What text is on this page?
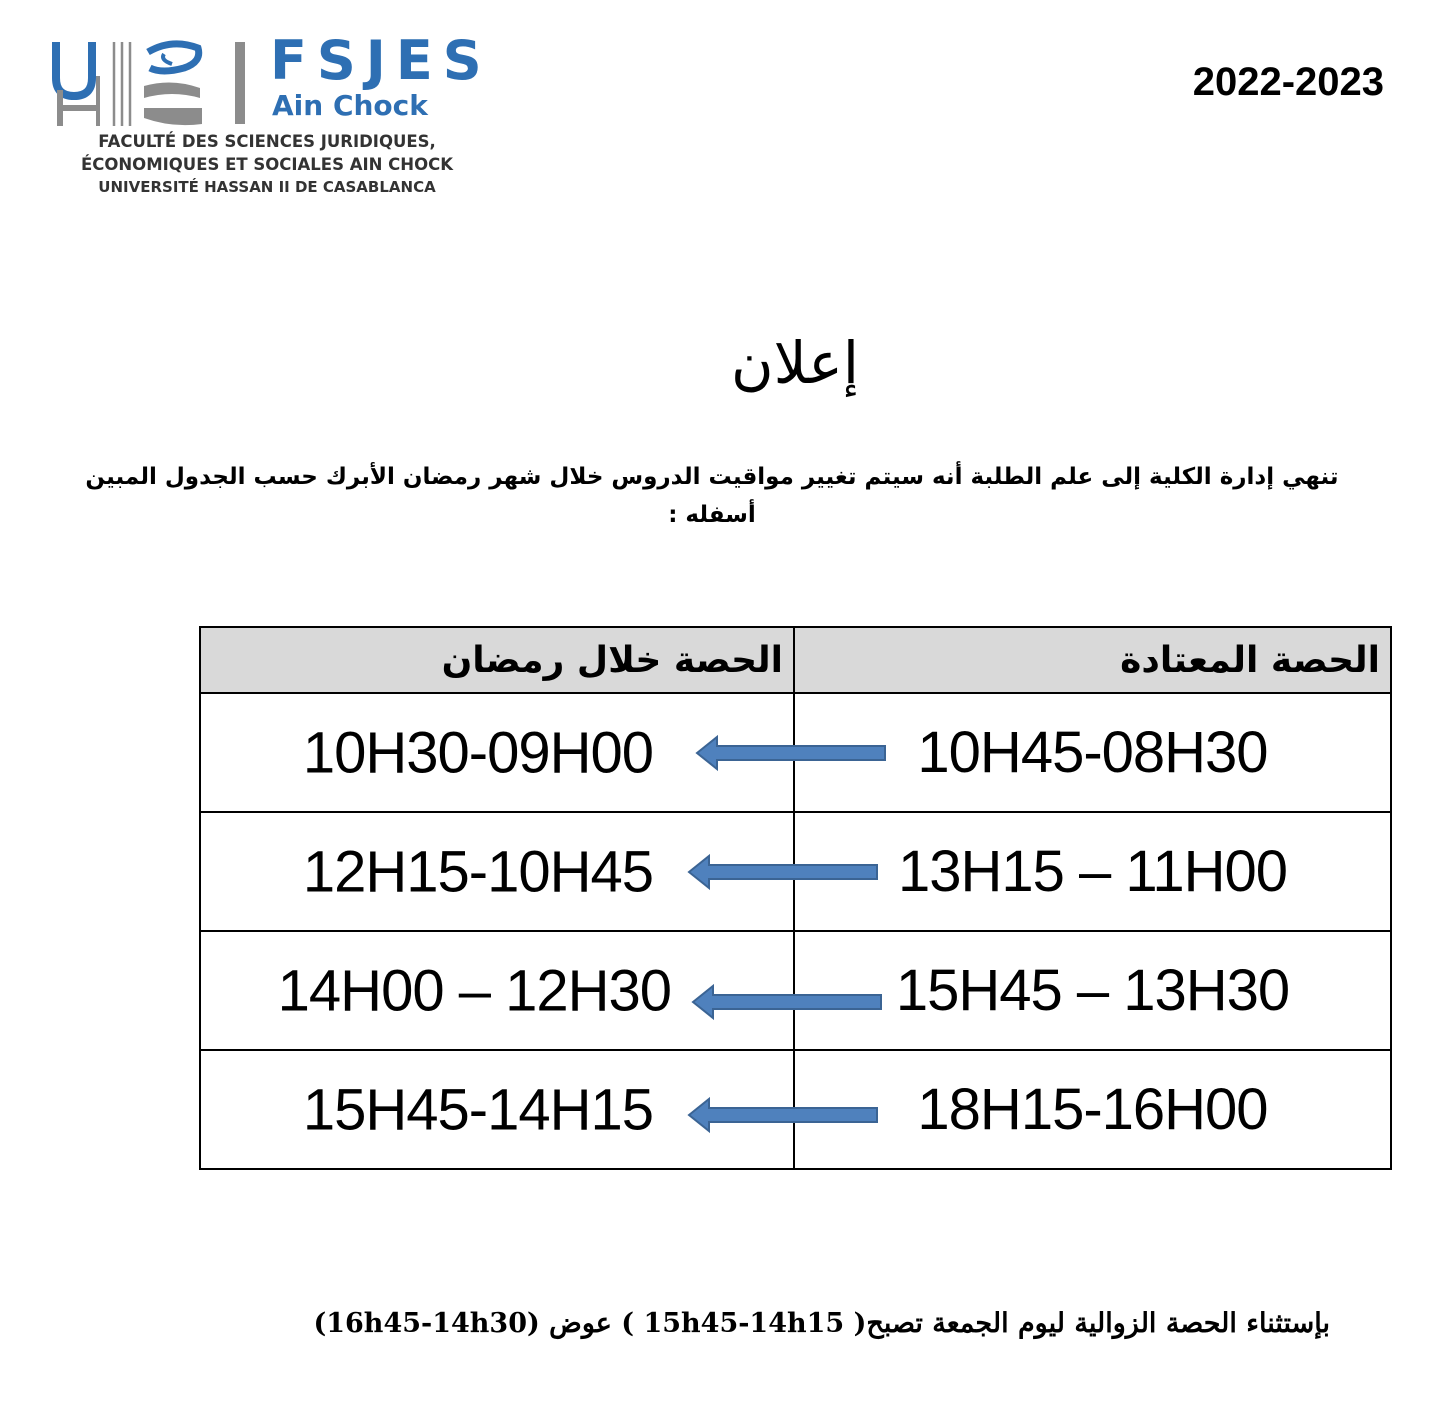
FSJES
Ain Chock
FACULTÉ DES SCIENCES JURIDIQUES,
ÉCONOMIQUES ET SOCIALES AIN CHOCK
UNIVERSITÉ HASSAN II DE CASABLANCA
2022-2023
إعلان
تنهي إدارة الكلية إلى علم الطلبة أنه سيتم تغيير مواقيت الدروس خلال شهر رمضان الأبرك حسب الجدول المبين
أسفله :
الحصة خلال رمضان	الحصة المعتادة

10H30-09H00	10H45-08H30

12H15-10H45	13H15 – 11H00

14H00 – 12H30	15H45 – 13H30

15H45-14H15	18H15-16H00
بإستثناء الحصة الزوالية ليوم الجمعة تصبح( 15h45-14h15 ) عوض (16h45-14h30)
